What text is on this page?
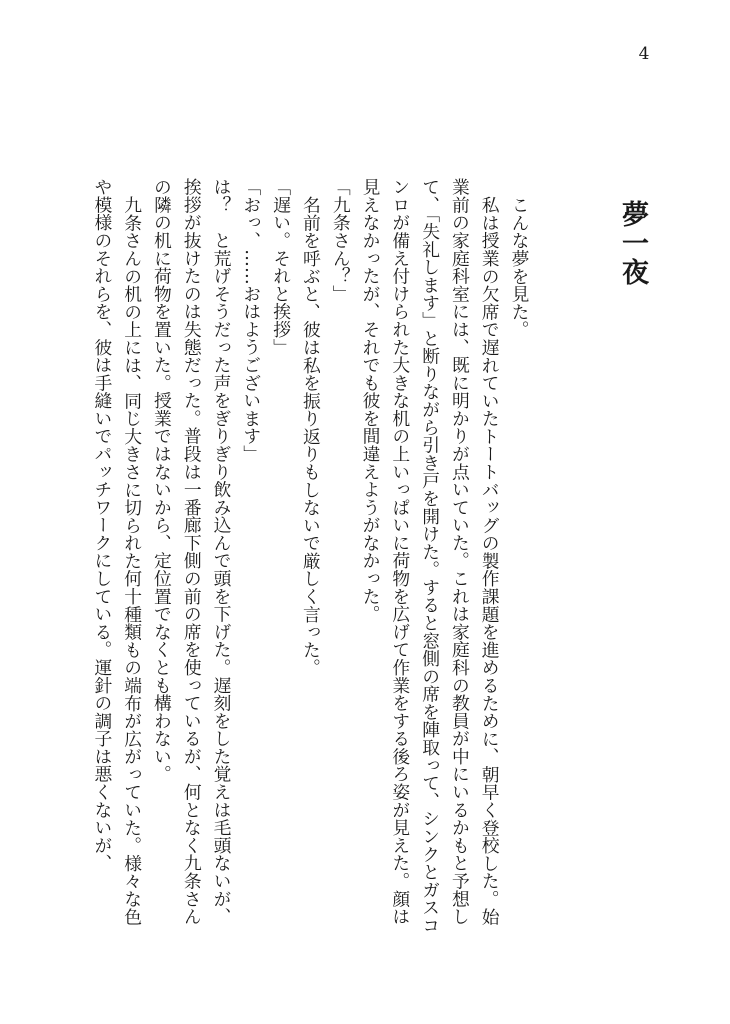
4
夢一夜

こんな夢を見た。

私は授業の欠席で遅れていたトートバッグの製作課題を進めるために、朝早く登校した。始業前の家庭科室には、既に明かりが点いていた。これは家庭科の教員が中にいるかもと予想して、「失礼します」と断りながら引き戸を開けた。すると窓側の席を陣取って、シンクとガスコンロが備え付けられた大きな机の上いっぱいに荷物を広げて作業をする後ろ姿が見えた。顔は見えなかったが、それでも彼を間違えようがなかった。

「九条さん？」

名前を呼ぶと、彼は私を振り返りもしないで厳しく言った。

「遅い。それと挨拶」

「おっ、……おはようございます」

は？　と荒げそうだった声をぎりぎり飲み込んで頭を下げた。遅刻をした覚えは毛頭ないが、挨拶が抜けたのは失態だった。普段は一番廊下側の前の席を使っているが、何となく九条さんの隣の机に荷物を置いた。授業ではないから、定位置でなくとも構わない。

九条さんの机の上には、同じ大きさに切られた何十種類もの端布が広がっていた。様々な色や模様のそれらを、彼は手縫いでパッチワークにしている。運針の調子は悪くないが、
